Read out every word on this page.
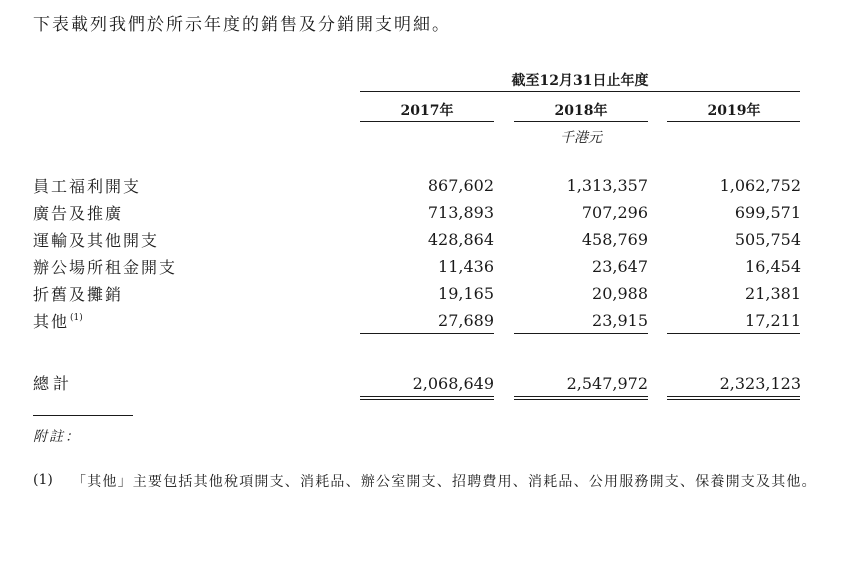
下表載列我們於所示年度的銷售及分銷開支明細。
截至12月31日止年度
2017年	2018年	2019年
千港元
員工福利開支	867,602	1,313,357	1,062,752
廣告及推廣	713,893	707,296	699,571
運輸及其他開支	428,864	458,769	505,754
辦公場所租金開支	11,436	23,647	16,454
折舊及攤銷	19,165	20,988	21,381
其他$^{(1)}$	27,689	23,915	17,211
總計	2,068,649	2,547,972	2,323,123
附註：
(1) 「其他」主要包括其他稅項開支、消耗品、辦公室開支、招聘費用、消耗品、公用服務開支、保養開支及其他。
